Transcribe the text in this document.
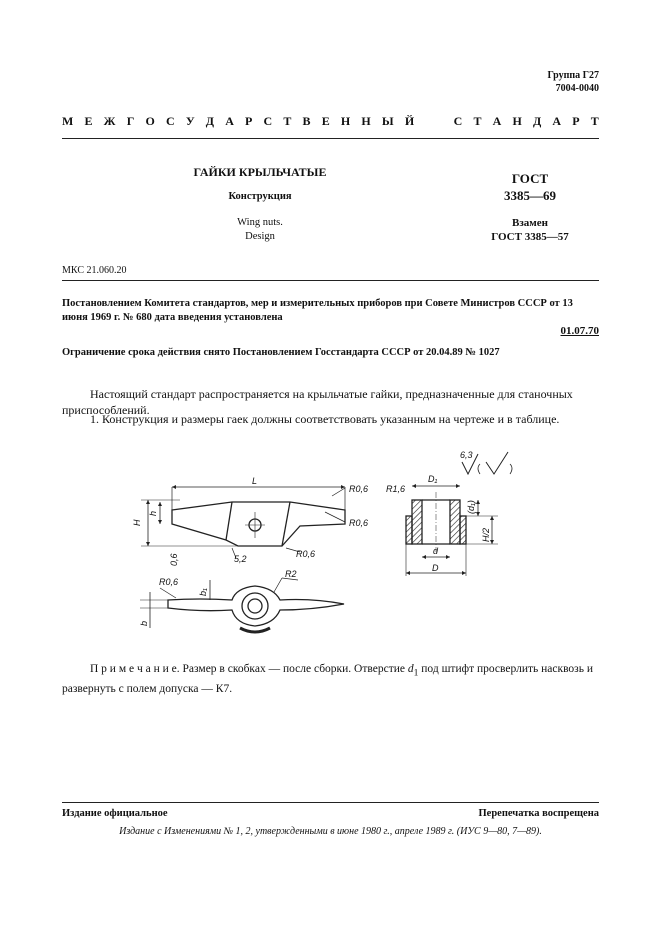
Группа Г27
7004-0040
М Е Ж Г О С У Д А Р С Т В Е Н Н Ы Й

	С Т А Н Д А Р Т
ГАЙКИ КРЫЛЬЧАТЫЕ
Конструкция
Wing nuts.
Design
ГОСТ
3385—69
Взамен
ГОСТ 3385—57
МКС 21.060.20
Постановлением Комитета стандартов, мер и измерительных приборов при Совете Министров СССР от 13 июня 1969 г. № 680 дата введения установлена
01.07.70
Ограничение срока действия снято Постановлением Госстандарта СССР от 20.04.89 № 1027
Настоящий стандарт распространяется на крыльчатые гайки, предназначенные для станочных приспособлений.
1. Конструкция и размеры гаек должны соответствовать указанным на чертеже и в таблице.
L
H
h
R0,6
R0,6
R0,6
R0,6
R1,6
D₁
d
D
(d₁)
H/2
b₁
b
R2
5,2
0,6
6,3
П р и м е ч а н и е. Размер в скобках — после сборки. Отверстие $d_1$ под штифт просверлить насквозь и развернуть с полем допуска — К7.
Издание официальное	Перепечатка воспрещена
Издание с Изменениями № 1, 2, утвержденными в июне 1980 г., апреле 1989 г. (ИУС 9—80, 7—89).
